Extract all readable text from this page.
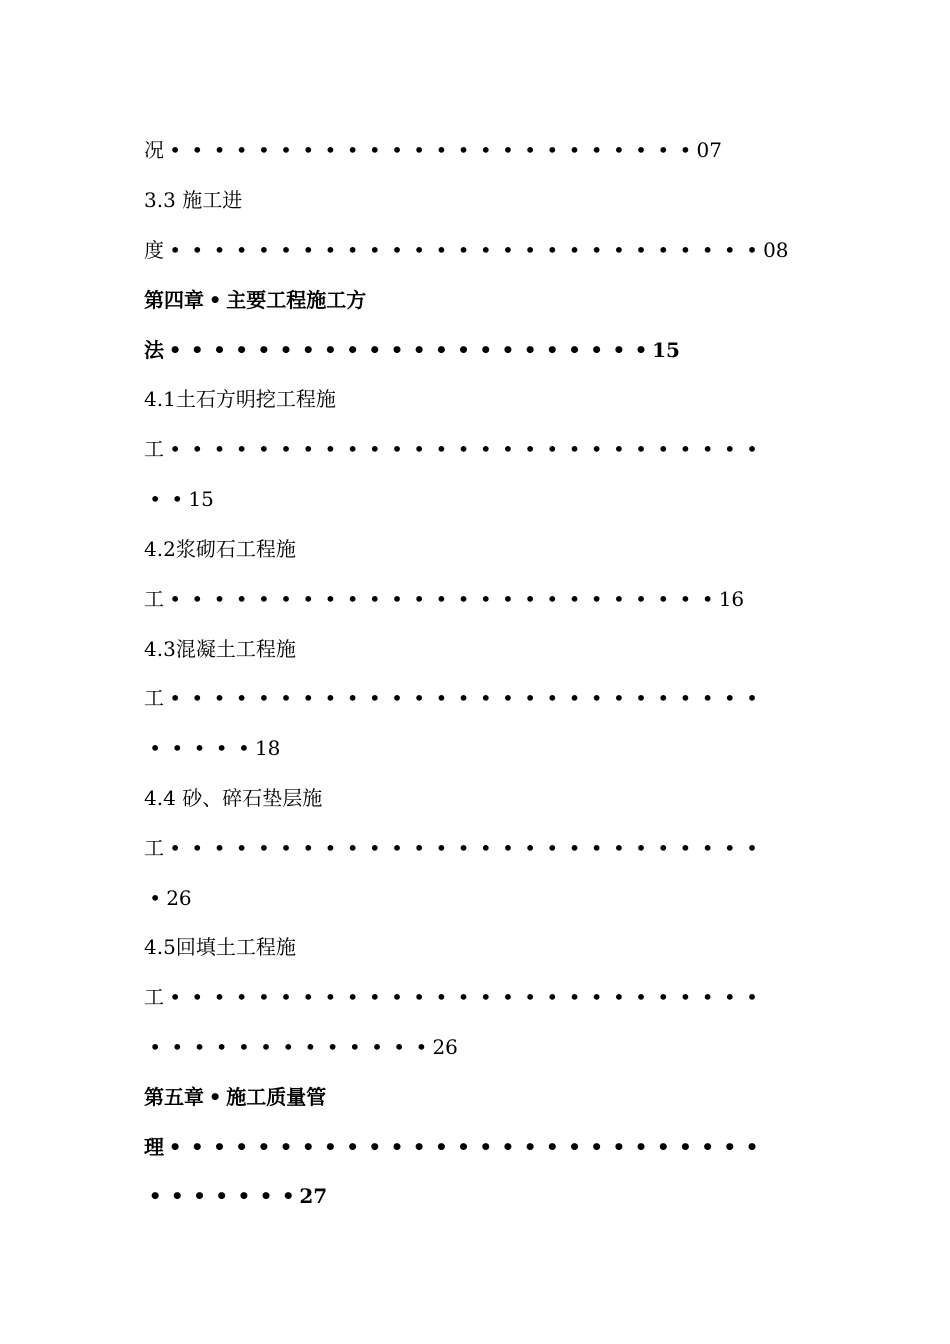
况 • • • • • • • • • • • • • • • • • • • • • • • • 07
3.3 施工进
度 • • • • • • • • • • • • • • • • • • • • • • • • • • • 08
第四章 • 主要工程施工方
法 • • • • • • • • • • • • • • • • • • • • • • 15
4.1土石方明挖工程施
工 • • • • • • • • • • • • • • • • • • • • • • • • • • •
• • 15
4.2浆砌石工程施
工 • • • • • • • • • • • • • • • • • • • • • • • • • 16
4.3混凝土工程施
工 • • • • • • • • • • • • • • • • • • • • • • • • • • •
• • • • • 18
4.4 砂、碎石垫层施
工 • • • • • • • • • • • • • • • • • • • • • • • • • • •
• 26
4.5回填土工程施
工 • • • • • • • • • • • • • • • • • • • • • • • • • • •
• • • • • • • • • • • • • 26
第五章 • 施工质量管
理 • • • • • • • • • • • • • • • • • • • • • • • • • • •
• • • • • • • 27
